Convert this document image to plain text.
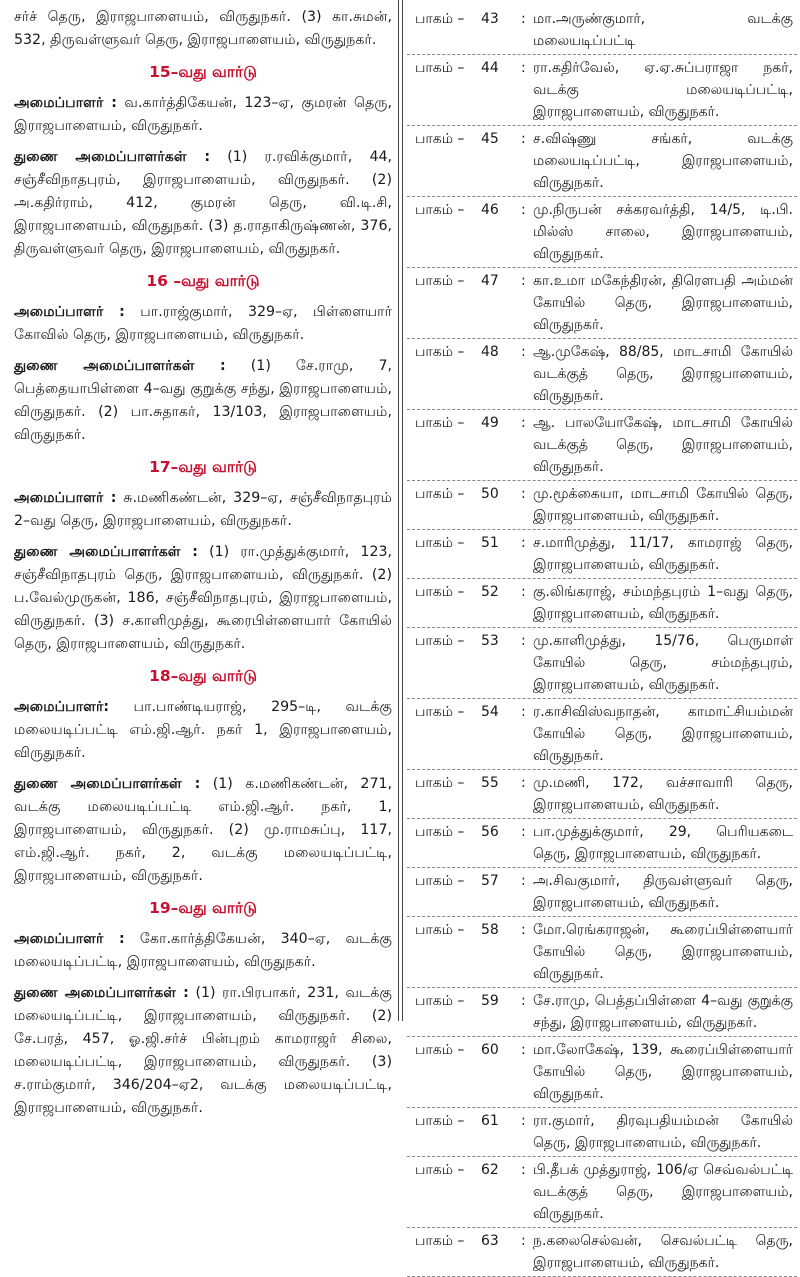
சர்ச் தெரு, இராஜபாளையம், விருதுநகர். (3) கா.சுமன், 532, திருவள்ளுவர் தெரு, இராஜபாளையம், விருதுநகர்.

15–வது வார்டு

அமைப்பாளர் : வ.கார்த்திகேயன், 123–ஏ, குமரன் தெரு, இராஜபாளையம், விருதுநகர்.

துணை அமைப்பாளர்கள் : (1) ர.ரவிக்குமார், 44, சஞ்சீவிநாதபுரம், இராஜபாளையம், விருதுநகர். (2) அ.கதிர்ராம், 412, குமரன் தெரு, வி.டி.சி, இராஜபாளையம், விருதுநகர். (3) த.ராதாகிருஷ்ணன், 376, திருவள்ளுவர் தெரு, இராஜபாளையம், விருதுநகர்.

16 –வது வார்டு

அமைப்பாளர் : பா.ராஜ்குமார், 329–ஏ, பிள்ளையார் கோவில் தெரு, இராஜபாளையம், விருதுநகர்.

துணை அமைப்பாளர்கள் : (1) சே.ராமு, 7, பெத்தையாபிள்ளை 4–வது குறுக்கு சந்து, இராஜபாளையம், விருதுநகர். (2) பா.சுதாகர், 13/103, இராஜபாளையம், விருதுநகர்.

17–வது வார்டு

அமைப்பாளர் : சு.மணிகண்டன், 329–ஏ, சஞ்சீவிநாதபுரம் 2–வது தெரு, இராஜபாளையம், விருதுநகர்.

துணை அமைப்பாளர்கள் : (1) ரா.முத்துக்குமார், 123, சஞ்சீவிநாதபுரம் தெரு, இராஜபாளையம், விருதுநகர். (2) ப.வேல்முருகன், 186, சஞ்சீவிநாதபுரம், இராஜபாளையம், விருதுநகர். (3) ச.காளிமுத்து, கூரைபிள்ளையார் கோயில் தெரு, இராஜபாளையம், விருதுநகர்.

18–வது வார்டு

அமைப்பாளர்: பா.பாண்டியராஜ், 295–டி, வடக்கு மலையடிப்பட்டி எம்.ஜி.ஆர். நகர் 1, இராஜபாளையம், விருதுநகர்.

துணை அமைப்பாளர்கள் : (1) க.மணிகண்டன், 271, வடக்கு மலையடிப்பட்டி எம்.ஜி.ஆர். நகர், 1, இராஜபாளையம், விருதுநகர். (2) மு.ராமசுப்பு, 117, எம்.ஜி.ஆர். நகர், 2, வடக்கு மலையடிப்பட்டி, இராஜபாளையம், விருதுநகர்.

19–வது வார்டு

அமைப்பாளர் : கோ.கார்த்திகேயன், 340–ஏ, வடக்கு மலையடிப்பட்டி, இராஜபாளையம், விருதுநகர்.

துணை அமைப்பாளர்கள் : (1) ரா.பிரபாகர், 231, வடக்கு மலையடிப்பட்டி, இராஜபாளையம், விருதுநகர். (2) சே.பரத், 457, ஓ.ஜி.சர்ச் பின்புறம் காமராஜர் சிலை, மலையடிப்பட்டி, இராஜபாளையம், விருதுநகர். (3) ச.ராம்குமார், 346/204–ஏ2, வடக்கு மலையடிப்பட்டி, இராஜபாளையம், விருதுநகர்.

பாகம் –	43	: மா.அருண்குமார், வடக்கு மலையடிப்பட்டி
பாகம் –	44	: ரா.கதிர்வேல், ஏ.ஏ.சுப்பராஜா நகர், வடக்கு மலையடிப்பட்டி, இராஜபாளையம், விருதுநகர்.
பாகம் –	45	: ச.விஷ்ணு சங்கர், வடக்கு மலையடிப்பட்டி, இராஜபாளையம், விருதுநகர்.
பாகம் –	46	: மு.நிருபன் சக்கரவர்த்தி, 14/5, டி.பி. மில்ஸ் சாலை, இராஜபாளையம், விருதுநகர்.
பாகம் –	47	: கா.உமா மகேந்திரன், திரௌபதி அம்மன் கோயில் தெரு, இராஜபாளையம், விருதுநகர்.
பாகம் –	48	: ஆ.முகேஷ், 88/85, மாடசாமி கோயில் வடக்குத் தெரு, இராஜபாளையம், விருதுநகர்.
பாகம் –	49	: ஆ. பாலயோகேஷ், மாடசாமி கோயில் வடக்குத் தெரு, இராஜபாளையம், விருதுநகர்.
பாகம் –	50	: மு.மூக்கையா, மாடசாமி கோயில் தெரு, இராஜபாளையம், விருதுநகர்.
பாகம் –	51	: ச.மாரிமுத்து, 11/17, காமராஜ் தெரு, இராஜபாளையம், விருதுநகர்.
பாகம் –	52	: கு.லிங்கராஜ், சம்மந்தபுரம் 1–வது தெரு, இராஜபாளையம், விருதுநகர்.
பாகம் –	53	: மு.காளிமுத்து, 15/76, பெருமாள் கோயில் தெரு, சம்மந்தபுரம், இராஜபாளையம், விருதுநகர்.
பாகம் –	54	: ர.காசிவிஸ்வநாதன், காமாட்சியம்மன் கோயில் தெரு, இராஜபாளையம், விருதுநகர்.
பாகம் –	55	: மு.மணி, 172, வச்சாவாரி தெரு, இராஜபாளையம், விருதுநகர்.
பாகம் –	56	: பா.முத்துக்குமார், 29, பெரியகடை தெரு, இராஜபாளையம், விருதுநகர்.
பாகம் –	57	: அ.சிவகுமார், திருவள்ளுவர் தெரு, இராஜபாளையம், விருதுநகர்.
பாகம் –	58	: மோ.ரெங்கராஜன், கூரைப்பிள்ளையார் கோயில் தெரு, இராஜபாளையம், விருதுநகர்.
பாகம் –	59	: சே.ராமு, பெத்தப்பிள்ளை 4–வது குறுக்கு சந்து, இராஜபாளையம், விருதுநகர்.
பாகம் –	60	: மா.லோகேஷ், 139, கூரைப்பிள்ளையார் கோயில் தெரு, இராஜபாளையம், விருதுநகர்.
பாகம் –	61	: ரா.குமார், திரவுபதியம்மன் கோயில் தெரு, இராஜபாளையம், விருதுநகர்.
பாகம் –	62	: பி.தீபக் முத்துராஜ், 106/ஏ செவ்வல்பட்டி வடக்குத் தெரு, இராஜபாளையம், விருதுநகர்.
பாகம் –	63	: ந.கலைசெல்வன், செவல்பட்டி தெரு, இராஜபாளையம், விருதுநகர்.
